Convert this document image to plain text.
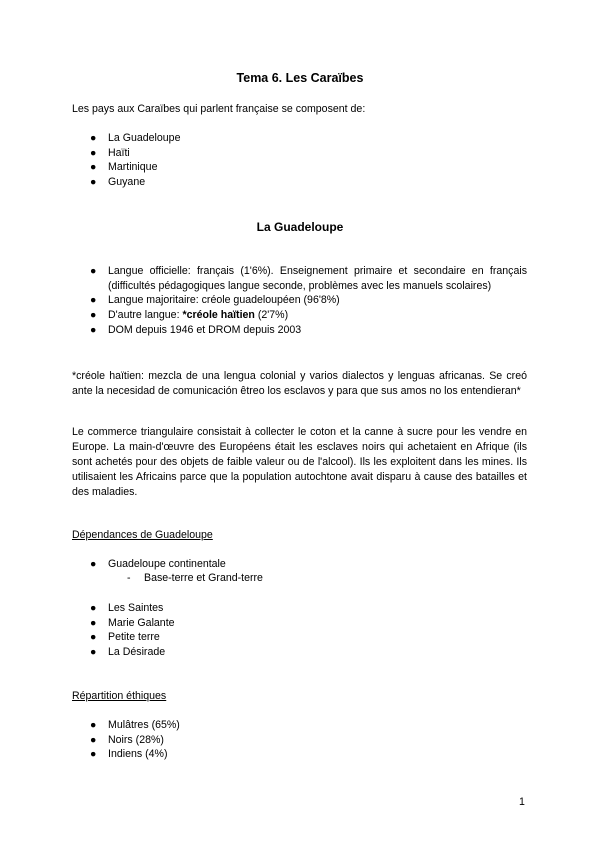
Tema 6. Les Caraïbes
Les pays aux Caraïbes qui parlent française se composent de:
● La Guadeloupe
● Haïti
● Martinique
● Guyane
La Guadeloupe
● Langue officielle: français (1'6%). Enseignement primaire et secondaire en français (difficultés pédagogiques langue seconde, problèmes avec les manuels scolaires)
● Langue majoritaire: créole guadeloupéen (96'8%)
● D'autre langue: *créole haïtien (2'7%)
● DOM depuis 1946 et DROM depuis 2003
*créole haïtien: mezcla de una lengua colonial y varios dialectos y lenguas africanas. Se creó ante la necesidad de comunicación êtreo los esclavos y para que sus amos no los entendieran*
Le commerce triangulaire consistait à collecter le coton et la canne à sucre pour les vendre en Europe. La main-d'œuvre des Européens était les esclaves noirs qui achetaient en Afrique (ils sont achetés pour des objets de faible valeur ou de l'alcool). Ils les exploitent dans les mines. Ils utilisaient les Africains parce que la population autochtone avait disparu à cause des batailles et des maladies.
Dépendances de Guadeloupe
● Guadeloupe continentale
- Base-terre et Grand-terre
● Les Saintes
● Marie Galante
● Petite terre
● La Désirade
Répartition éthiques
● Mulâtres (65%)
● Noirs (28%)
● Indiens (4%)
1
